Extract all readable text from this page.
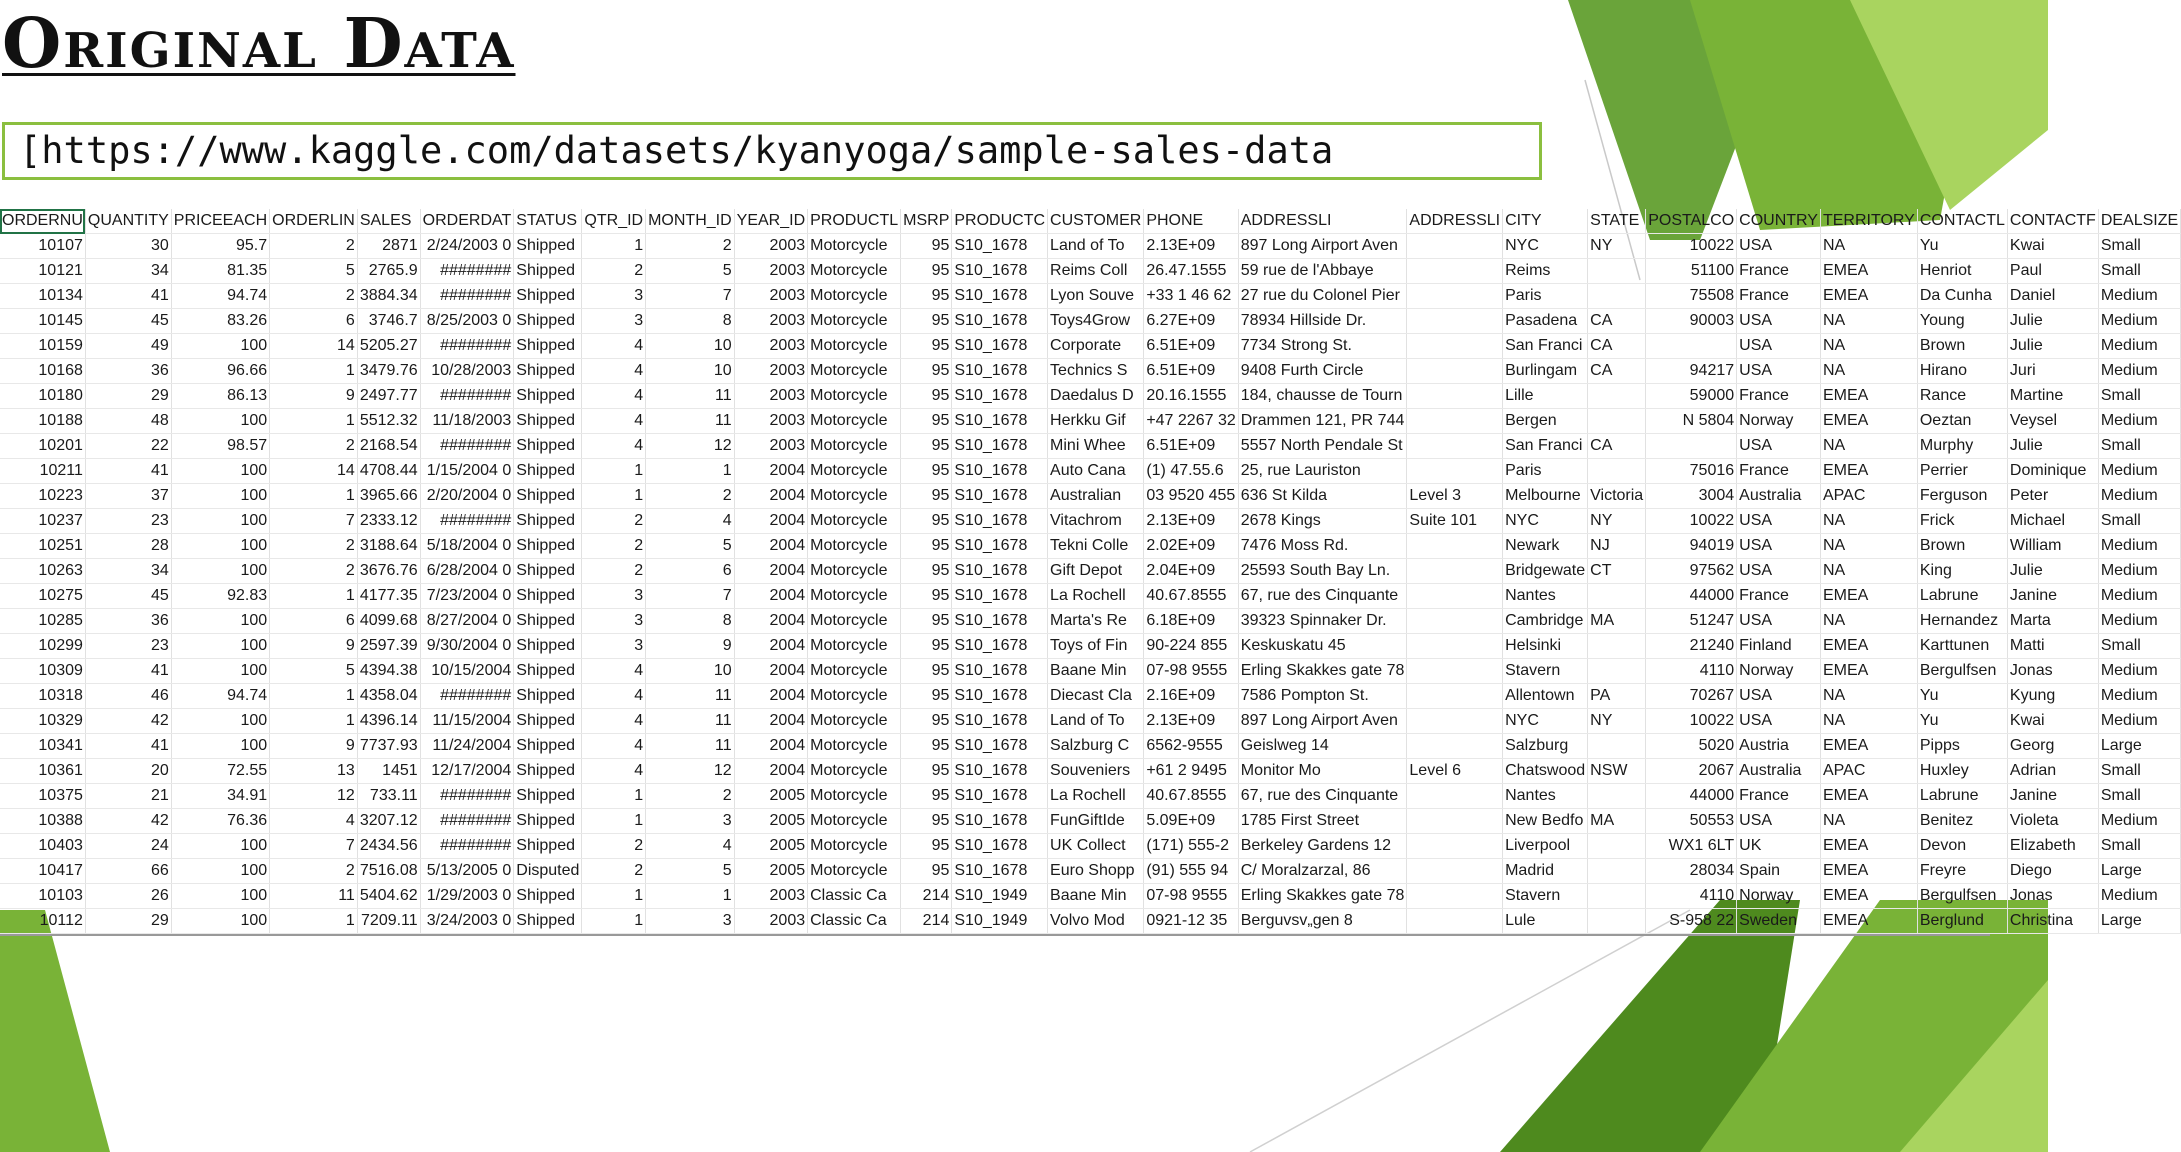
Original Data
[https://www.kaggle.com/datasets/kyanyoga/sample-sales-data
ORDERNU	QUANTITY	PRICEEACH	ORDERLIN	SALES	ORDERDAT	STATUS	QTR_ID	MONTH_ID	YEAR_ID	PRODUCTL	MSRP	PRODUCTC	CUSTOMER	PHONE	ADDRESSLI	ADDRESSLI	CITY	STATE	POSTALCO	COUNTRY	TERRITORY	CONTACTL	CONTACTF	DEALSIZE
10107	30	95.7	2	2871	2/24/2003 0	Shipped	1	2	2003	Motorcycle	95	S10_1678	Land of To	2.13E+09	897 Long Airport Aven		NYC	NY	10022	USA	NA	Yu	Kwai	Small
10121	34	81.35	5	2765.9	########	Shipped	2	5	2003	Motorcycle	95	S10_1678	Reims Coll	26.47.1555	59 rue de l'Abbaye		Reims		51100	France	EMEA	Henriot	Paul	Small
10134	41	94.74	2	3884.34	########	Shipped	3	7	2003	Motorcycle	95	S10_1678	Lyon Souve	+33 1 46 62	27 rue du Colonel Pier		Paris		75508	France	EMEA	Da Cunha	Daniel	Medium
10145	45	83.26	6	3746.7	8/25/2003 0	Shipped	3	8	2003	Motorcycle	95	S10_1678	Toys4Grow	6.27E+09	78934 Hillside Dr.		Pasadena	CA	90003	USA	NA	Young	Julie	Medium
10159	49	100	14	5205.27	########	Shipped	4	10	2003	Motorcycle	95	S10_1678	Corporate	6.51E+09	7734 Strong St.		San Franci	CA		USA	NA	Brown	Julie	Medium
10168	36	96.66	1	3479.76	10/28/2003	Shipped	4	10	2003	Motorcycle	95	S10_1678	Technics S	6.51E+09	9408 Furth Circle		Burlingam	CA	94217	USA	NA	Hirano	Juri	Medium
10180	29	86.13	9	2497.77	########	Shipped	4	11	2003	Motorcycle	95	S10_1678	Daedalus D	20.16.1555	184, chausse de Tourn		Lille		59000	France	EMEA	Rance	Martine	Small
10188	48	100	1	5512.32	11/18/2003	Shipped	4	11	2003	Motorcycle	95	S10_1678	Herkku Gif	+47 2267 32	Drammen 121, PR 744		Bergen		N 5804	Norway	EMEA	Oeztan	Veysel	Medium
10201	22	98.57	2	2168.54	########	Shipped	4	12	2003	Motorcycle	95	S10_1678	Mini Whee	6.51E+09	5557 North Pendale St		San Franci	CA		USA	NA	Murphy	Julie	Small
10211	41	100	14	4708.44	1/15/2004 0	Shipped	1	1	2004	Motorcycle	95	S10_1678	Auto Cana	(1) 47.55.6	25, rue Lauriston		Paris		75016	France	EMEA	Perrier	Dominique	Medium
10223	37	100	1	3965.66	2/20/2004 0	Shipped	1	2	2004	Motorcycle	95	S10_1678	Australian	03 9520 455	636 St Kilda	Level 3	Melbourne	Victoria	3004	Australia	APAC	Ferguson	Peter	Medium
10237	23	100	7	2333.12	########	Shipped	2	4	2004	Motorcycle	95	S10_1678	Vitachrom	2.13E+09	2678 Kings	Suite 101	NYC	NY	10022	USA	NA	Frick	Michael	Small
10251	28	100	2	3188.64	5/18/2004 0	Shipped	2	5	2004	Motorcycle	95	S10_1678	Tekni Colle	2.02E+09	7476 Moss Rd.		Newark	NJ	94019	USA	NA	Brown	William	Medium
10263	34	100	2	3676.76	6/28/2004 0	Shipped	2	6	2004	Motorcycle	95	S10_1678	Gift Depot	2.04E+09	25593 South Bay Ln.		Bridgewate	CT	97562	USA	NA	King	Julie	Medium
10275	45	92.83	1	4177.35	7/23/2004 0	Shipped	3	7	2004	Motorcycle	95	S10_1678	La Rochell	40.67.8555	67, rue des Cinquante		Nantes		44000	France	EMEA	Labrune	Janine	Medium
10285	36	100	6	4099.68	8/27/2004 0	Shipped	3	8	2004	Motorcycle	95	S10_1678	Marta's Re	6.18E+09	39323 Spinnaker Dr.		Cambridge	MA	51247	USA	NA	Hernandez	Marta	Medium
10299	23	100	9	2597.39	9/30/2004 0	Shipped	3	9	2004	Motorcycle	95	S10_1678	Toys of Fin	90-224 855	Keskuskatu 45		Helsinki		21240	Finland	EMEA	Karttunen	Matti	Small
10309	41	100	5	4394.38	10/15/2004	Shipped	4	10	2004	Motorcycle	95	S10_1678	Baane Min	07-98 9555	Erling Skakkes gate 78		Stavern		4110	Norway	EMEA	Bergulfsen	Jonas	Medium
10318	46	94.74	1	4358.04	########	Shipped	4	11	2004	Motorcycle	95	S10_1678	Diecast Cla	2.16E+09	7586 Pompton St.		Allentown	PA	70267	USA	NA	Yu	Kyung	Medium
10329	42	100	1	4396.14	11/15/2004	Shipped	4	11	2004	Motorcycle	95	S10_1678	Land of To	2.13E+09	897 Long Airport Aven		NYC	NY	10022	USA	NA	Yu	Kwai	Medium
10341	41	100	9	7737.93	11/24/2004	Shipped	4	11	2004	Motorcycle	95	S10_1678	Salzburg C	6562-9555	Geislweg 14		Salzburg		5020	Austria	EMEA	Pipps	Georg	Large
10361	20	72.55	13	1451	12/17/2004	Shipped	4	12	2004	Motorcycle	95	S10_1678	Souveniers	+61 2 9495	Monitor Mo	Level 6	Chatswood	NSW	2067	Australia	APAC	Huxley	Adrian	Small
10375	21	34.91	12	733.11	########	Shipped	1	2	2005	Motorcycle	95	S10_1678	La Rochell	40.67.8555	67, rue des Cinquante		Nantes		44000	France	EMEA	Labrune	Janine	Small
10388	42	76.36	4	3207.12	########	Shipped	1	3	2005	Motorcycle	95	S10_1678	FunGiftIde	5.09E+09	1785 First Street		New Bedfo	MA	50553	USA	NA	Benitez	Violeta	Medium
10403	24	100	7	2434.56	########	Shipped	2	4	2005	Motorcycle	95	S10_1678	UK Collect	(171) 555-2	Berkeley Gardens 12		Liverpool		WX1 6LT	UK	EMEA	Devon	Elizabeth	Small
10417	66	100	2	7516.08	5/13/2005 0	Disputed	2	5	2005	Motorcycle	95	S10_1678	Euro Shopp	(91) 555 94	C/ Moralzarzal, 86		Madrid		28034	Spain	EMEA	Freyre	Diego	Large
10103	26	100	11	5404.62	1/29/2003 0	Shipped	1	1	2003	Classic Ca	214	S10_1949	Baane Min	07-98 9555	Erling Skakkes gate 78		Stavern		4110	Norway	EMEA	Bergulfsen	Jonas	Medium
10112	29	100	1	7209.11	3/24/2003 0	Shipped	1	3	2003	Classic Ca	214	S10_1949	Volvo Mod	0921-12 35	Berguvsv„gen 8		Lule		S-958 22	Sweden	EMEA	Berglund	Christina	Large
